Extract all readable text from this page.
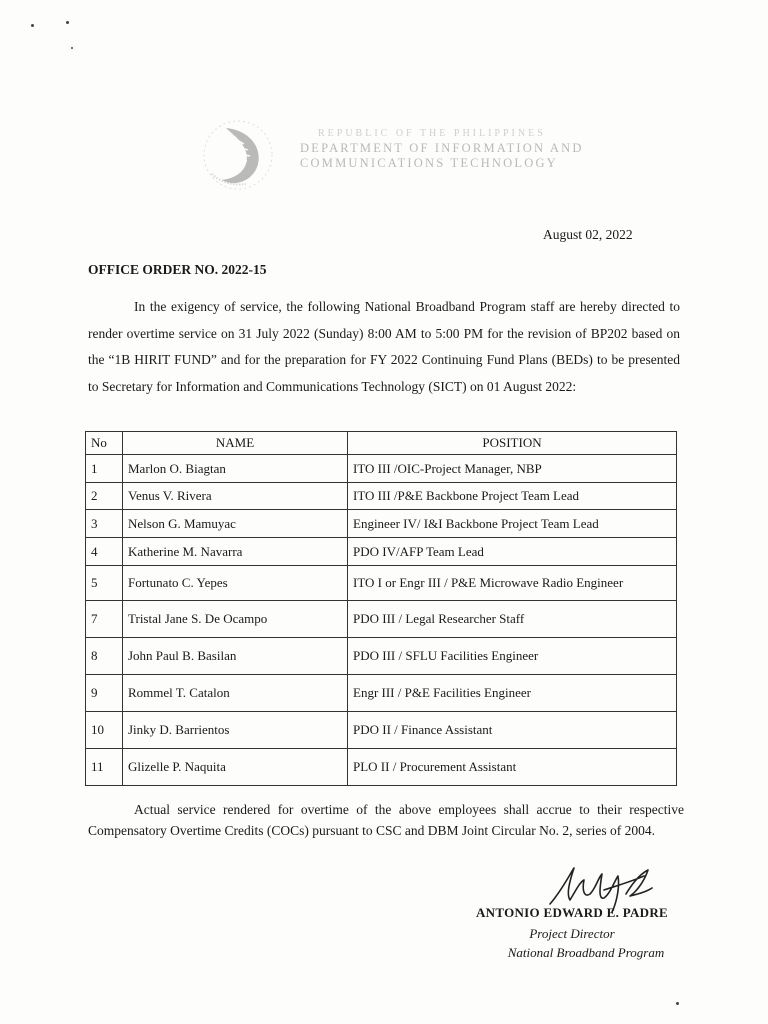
REPUBLIC OF THE PHILIPPINES
DEPARTMENT OF INFORMATION AND
COMMUNICATIONS TECHNOLOGY
August 02, 2022
OFFICE ORDER NO. 2022-15

In the exigency of service, the following National Broadband Program staff are hereby directed to render overtime service on 31 July 2022 (Sunday) 8:00 AM to 5:00 PM for the revision of BP202 based on the “1B HIRIT FUND” and for the preparation for FY 2022 Continuing Fund Plans (BEDs) to be presented to Secretary for Information and Communications Technology (SICT) on 01 August 2022:

No	NAME	POSITION
1	Marlon O. Biagtan	ITO III /OIC-Project Manager, NBP
2	Venus V. Rivera	ITO III /P&E Backbone Project Team Lead
3	Nelson G. Mamuyac	Engineer IV/ I&I Backbone Project Team Lead
4	Katherine M. Navarra	PDO IV/AFP Team Lead
5	Fortunato C. Yepes	ITO I or Engr III / P&E Microwave Radio Engineer
7	Tristal Jane S. De Ocampo	PDO III / Legal Researcher Staff
8	John Paul B. Basilan	PDO III / SFLU Facilities Engineer
9	Rommel T. Catalon	Engr III / P&E Facilities Engineer
10	Jinky D. Barrientos	PDO II / Finance Assistant
11	Glizelle P. Naquita	PLO II / Procurement Assistant

Actual service rendered for overtime of the above employees shall accrue to their respective Compensatory Overtime Credits (COCs) pursuant to CSC and DBM Joint Circular No. 2, series of 2004.

ANTONIO EDWARD E. PADRE
Project Director
National Broadband Program
